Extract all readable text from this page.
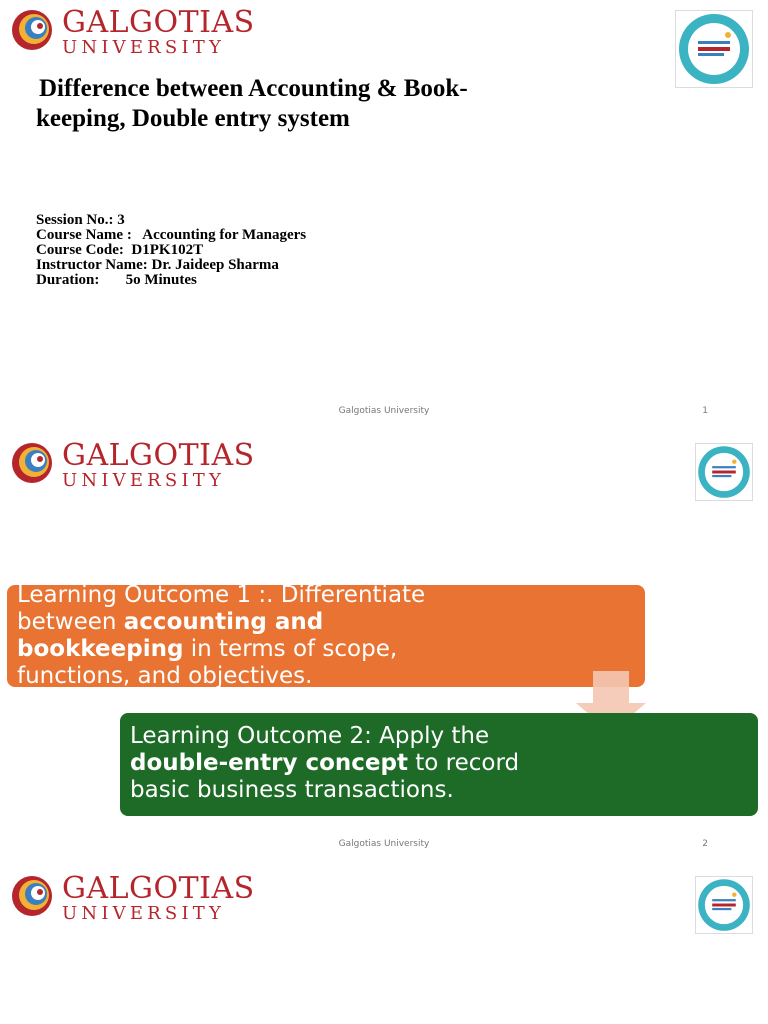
GALGOTIAS
UNIVERSITY
Difference between Accounting & Book-
keeping, Double entry system
Session No.: 3
Course Name :   Accounting for Managers
Course Code:  D1PK102T
Instructor Name: Dr. Jaideep Sharma
Duration:       5o Minutes
Galgotias University	1
GALGOTIAS
UNIVERSITY
Learning Outcome 1 :. Differentiate between accounting and bookkeeping in terms of scope, functions, and objectives.
Learning Outcome 2: Apply the double-entry concept to record basic business transactions.
Galgotias University	2
GALGOTIAS
UNIVERSITY
